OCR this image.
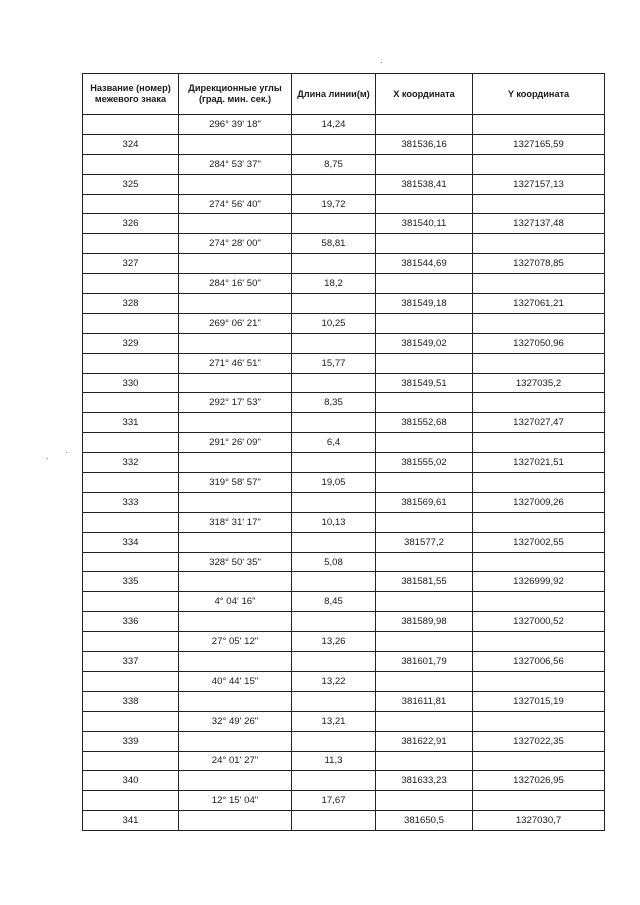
Название (номер) межевого знака	Дирекционные углы (град. мин. сек.)	Длина линии(м)	X координата	Y координата
	296° 39' 18"	14,24		
324			381536,16	1327165,59
	284° 53' 37"	8,75		
325			381538,41	1327157,13
	274° 56' 40"	19,72		
326			381540,11	1327137,48
	274° 28' 00"	58,81		
327			381544,69	1327078,85
	284° 16' 50"	18,2		
328			381549,18	1327061,21
	269° 06' 21"	10,25		
329			381549,02	1327050,96
	271° 46' 51"	15,77		
330			381549,51	1327035,2
	292° 17' 53"	8,35		
331			381552,68	1327027,47
	291° 26' 09"	6,4		
332			381555,02	1327021,51
	319° 58' 57"	19,05		
333			381569,61	1327009,26
	318° 31' 17"	10,13		
334			381577,2	1327002,55
	328° 50' 35"	5,08		
335			381581,55	1326999,92
	4° 04' 16"	8,45		
336			381589,98	1327000,52
	27° 05' 12"	13,26		
337			381601,79	1327006,56
	40° 44' 15"	13,22		
338			381611,81	1327015,19
	32° 49' 26"	13,21		
339			381622,91	1327022,35
	24° 01' 27"	11,3		
340			381633,23	1327026,95
	12° 15' 04"	17,67		
341			381650,5	1327030,7
